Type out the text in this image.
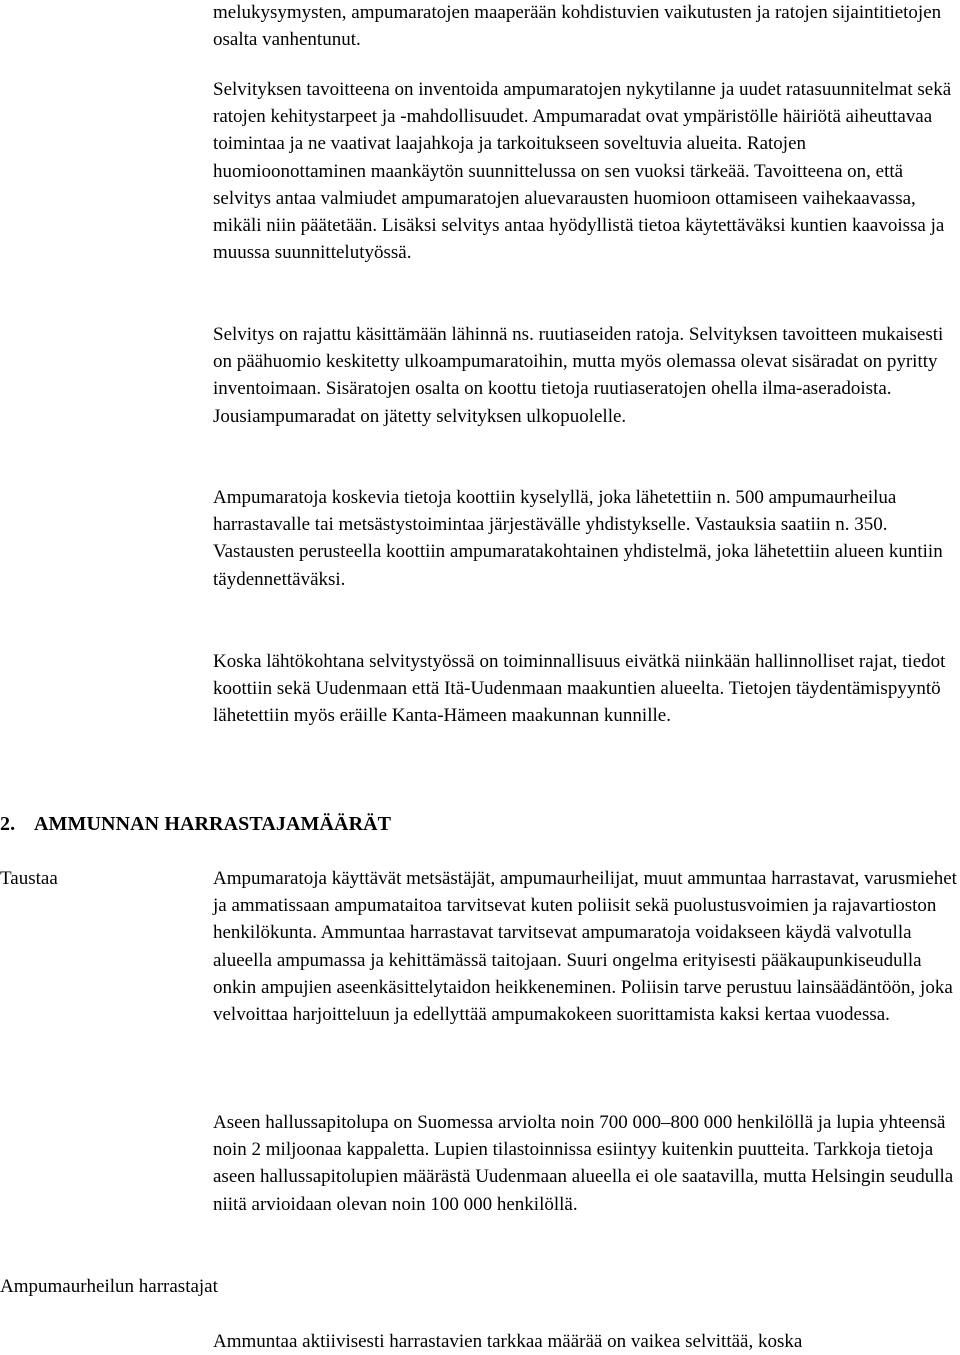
melukysymysten, ampumaratojen maaperään kohdistuvien vaikutusten ja ratojen sijaintitietojen osalta vanhentunut.

Selvityksen tavoitteena on inventoida ampumaratojen nykytilanne ja uudet ratasuunnitelmat sekä ratojen kehitystarpeet ja -mahdollisuudet. Ampumaradat ovat ympäristölle häiriötä aiheuttavaa toimintaa ja ne vaativat laajahkoja ja tarkoitukseen soveltuvia alueita. Ratojen huomioonottaminen maankäytön suunnittelussa on sen vuoksi tärkeää. Tavoitteena on, että selvitys antaa valmiudet ampumaratojen aluevarausten huomioon ottamiseen vaihekaavassa, mikäli niin päätetään. Lisäksi selvitys antaa hyödyllistä tietoa käytettäväksi kuntien kaavoissa ja muussa suunnittelutyössä.

Selvitys on rajattu käsittämään lähinnä ns. ruutiaseiden ratoja. Selvityksen tavoitteen mukaisesti on päähuomio keskitetty ulkoampumaratoihin, mutta myös olemassa olevat sisäradat on pyritty inventoimaan. Sisäratojen osalta on koottu tietoja ruutiaseratojen ohella ilma-aseradoista. Jousiampumaradat on jätetty selvityksen ulkopuolelle.

Ampumaratoja koskevia tietoja koottiin kyselyllä, joka lähetettiin n. 500 ampumaurheilua harrastavalle tai metsästystoimintaa järjestävälle yhdistykselle. Vastauksia saatiin n. 350. Vastausten perusteella koottiin ampumaratakohtainen yhdistelmä, joka lähetettiin alueen kuntiin täydennettäväksi.

Koska lähtökohtana selvitystyössä on toiminnallisuus eivätkä niinkään hallinnolliset rajat, tiedot koottiin sekä Uudenmaan että Itä-Uudenmaan maakuntien alueelta. Tietojen täydentämispyyntö lähetettiin myös eräille Kanta-Hämeen maakunnan kunnille.

2. AMMUNNAN HARRASTAJAMÄÄRÄT

Taustaa	Ampumaratoja käyttävät metsästäjät, ampumaurheilijat, muut ammuntaa harrastavat, varusmiehet ja ammatissaan ampumataitoa tarvitsevat kuten poliisit sekä puolustusvoimien ja rajavartioston henkilökunta. Ammuntaa harrastavat tarvitsevat ampumaratoja voidakseen käydä valvotulla alueella ampumassa ja kehittämässä taitojaan. Suuri ongelma erityisesti pääkaupunkiseudulla onkin ampujien aseenkäsittelytaidon heikkeneminen. Poliisin tarve perustuu lainsäädäntöön, joka velvoittaa harjoitteluun ja edellyttää ampumakokeen suorittamista kaksi kertaa vuodessa.

Aseen hallussapitolupa on Suomessa arviolta noin 700 000–800 000 henkilöllä ja lupia yhteensä noin 2 miljoonaa kappaletta. Lupien tilastoinnissa esiintyy kuitenkin puutteita. Tarkkoja tietoja aseen hallussapitolupien määrästä Uudenmaan alueella ei ole saatavilla, mutta Helsingin seudulla niitä arvioidaan olevan noin 100 000 henkilöllä.

Ampumaurheilun harrastajat

Ammuntaa aktiivisesti harrastavien tarkkaa määrää on vaikea selvittää, koska
